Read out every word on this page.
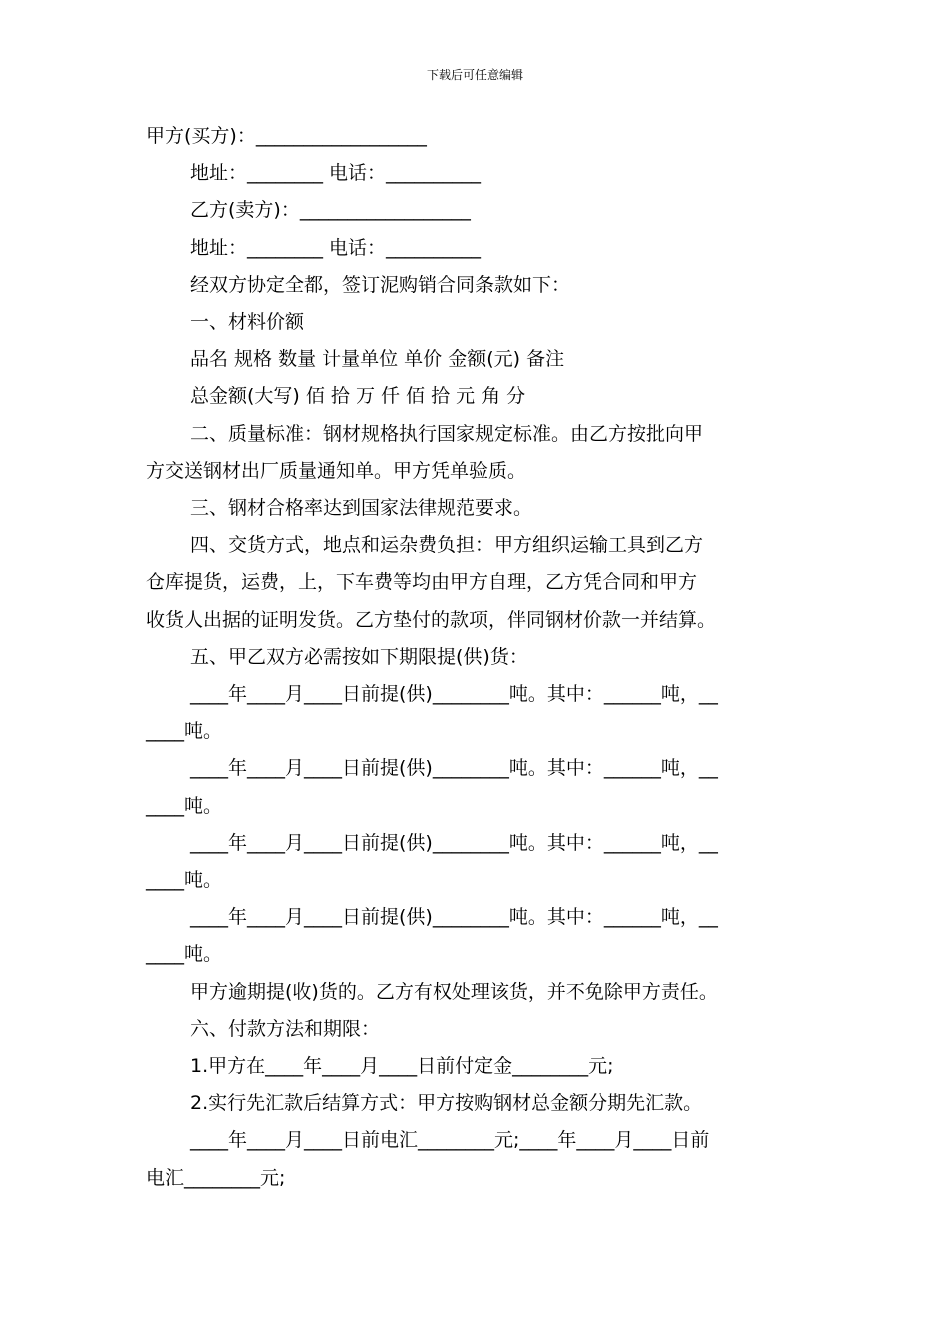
下载后可任意编辑

甲方(买方)：__________________

地址：________ 电话：__________

乙方(卖方)：__________________

地址：________ 电话：__________

经双方协定全都，签订泥购销合同条款如下：

一、材料价额

品名 规格 数量 计量单位 单价 金额(元) 备注

总金额(大写) 佰 拾 万 仟 佰 拾 元 角 分

二、质量标准：钢材规格执行国家规定标准。由乙方按批向甲

方交送钢材出厂质量通知单。甲方凭单验质。

三、钢材合格率达到国家法律规范要求。

四、交货方式，地点和运杂费负担：甲方组织运输工具到乙方

仓库提货，运费，上，下车费等均由甲方自理，乙方凭合同和甲方

收货人出据的证明发货。乙方垫付的款项，伴同钢材价款一并结算。

五、甲乙双方必需按如下期限提(供)货：

____年____月____日前提(供)________吨。其中：______吨，__

____吨。

____年____月____日前提(供)________吨。其中：______吨，__

____吨。

____年____月____日前提(供)________吨。其中：______吨，__

____吨。

____年____月____日前提(供)________吨。其中：______吨，__

____吨。

甲方逾期提(收)货的。乙方有权处理该货，并不免除甲方责任。

六、付款方法和期限：

1.甲方在____年____月____日前付定金________元;

2.实行先汇款后结算方式：甲方按购钢材总金额分期先汇款。

____年____月____日前电汇________元;____年____月____日前

电汇________元;
